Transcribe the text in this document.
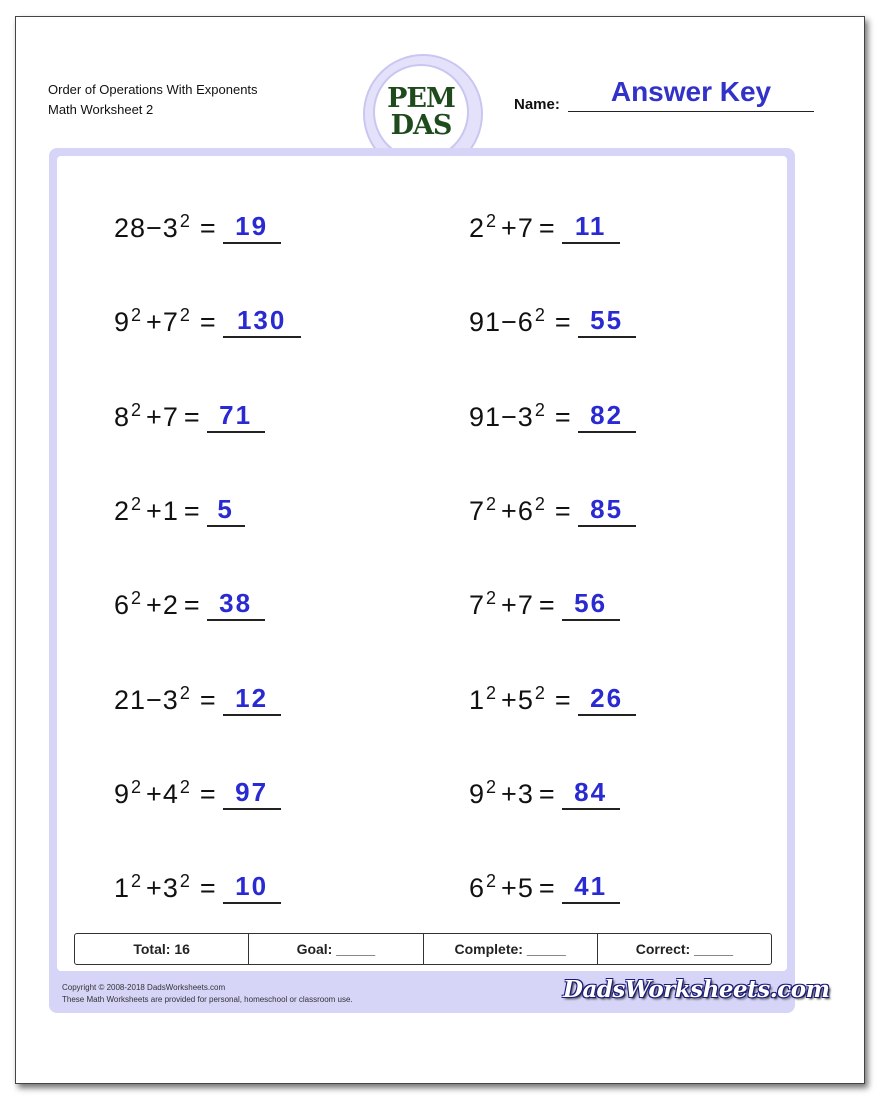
Order of Operations With Exponents
Math Worksheet 2	PEM
DAS
Name:	Answer Key
Total: 16	Goal: _____	Complete: _____	Correct: _____
Copyright © 2008-2018 DadsWorksheets.com
These Math Worksheets are provided for personal, homeschool or classroom use.	DadsWorksheets.com
$28-3^2 = 19$	$2^2 +7 = 11$
$9^2 +7^2 = 130$	$91-6^2 = 55$
$8^2 +7 = 71$	$91-3^2 = 82$
$2^2 +1 = 5$	$7^2 +6^2 = 85$
$6^2 +2 = 38$	$7^2 +7 = 56$
$21-3^2 = 12$	$1^2 +5^2 = 26$
$9^2 +4^2 = 97$	$9^2 +3 = 84$
$1^2 +3^2 = 10$	$6^2 +5 = 41$
